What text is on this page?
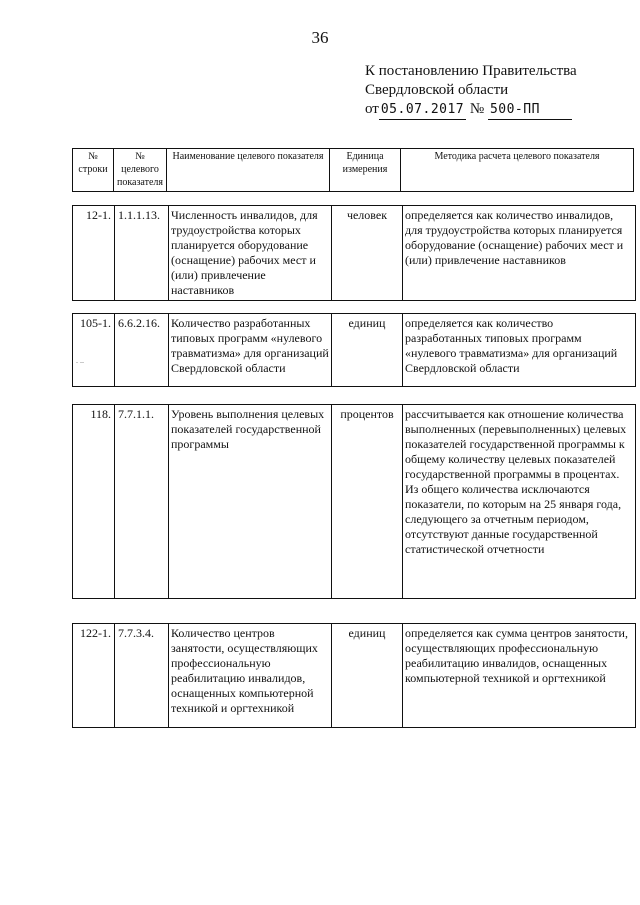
36
К постановлению Правительства
Свердловской области
от 05.07.2017 № 500-ПП
№ строки	№ целевого показателя	Наименование целевого показателя	Единица измерения	Методика расчета целевого показателя
12-1.	1.1.1.13.	Численность инвалидов, для трудоустройства которых планируется оборудование (оснащение) рабочих мест и (или) привлечение наставников	человек	определяется как количество инвалидов, для трудоустройства которых планируется оборудование (оснащение) рабочих мест и (или) привлечение наставников
105-1.	6.6.2.16.	Количество разработанных типовых программ «нулевого травматизма» для организаций Свердловской области	единиц	определяется как количество разработанных типовых программ «нулевого травматизма» для организаций Свердловской области
. ..
118.	7.7.1.1.	Уровень выполнения целевых показателей государственной программы	процентов	рассчитывается как отношение количества выполненных (перевыполненных) целевых показателей государственной программы к общему количеству целевых показателей государственной программы в процентах. Из общего количества исключаются показатели, по которым на 25 января года, следующего за отчетным периодом, отсутствуют данные государственной статистической отчетности
122-1.	7.7.3.4.	Количество центров занятости, осуществляющих профессиональную реабилитацию инвалидов, оснащенных компьютерной техникой и оргтехникой	единиц	определяется как сумма центров занятости, осуществляющих профессиональную реабилитацию инвалидов, оснащенных компьютерной техникой и оргтехникой
